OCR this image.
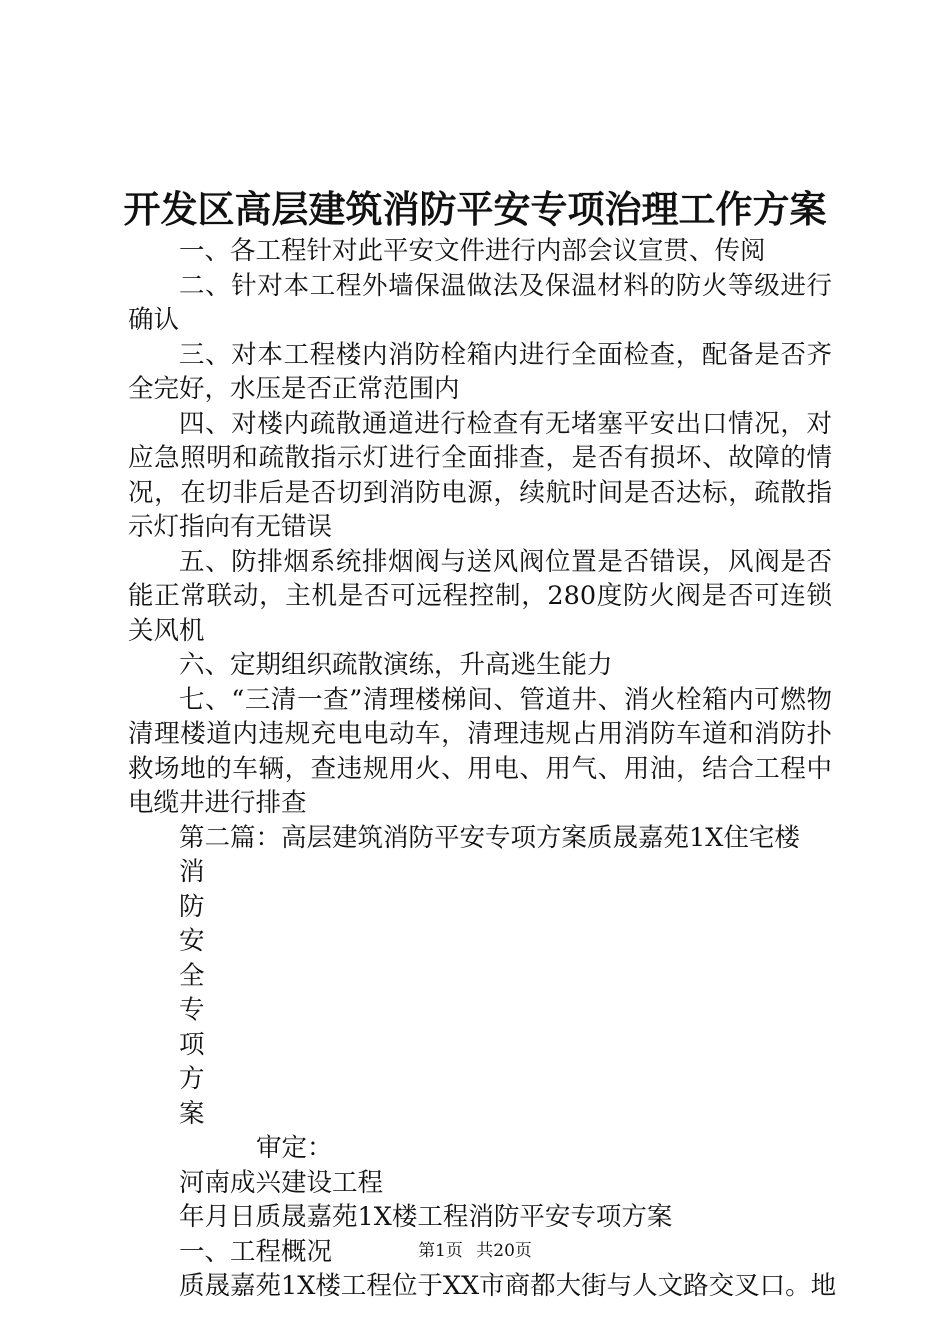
开发区高层建筑消防平安专项治理工作方案

一、各工程针对此平安文件进行内部会议宣贯、传阅

二、针对本工程外墙保温做法及保温材料的防火等级进行确认

三、对本工程楼内消防栓箱内进行全面检查，配备是否齐全完好，水压是否正常范围内

四、对楼内疏散通道进行检查有无堵塞平安出口情况，对应急照明和疏散指示灯进行全面排查，是否有损坏、故障的情况，在切非后是否切到消防电源，续航时间是否达标，疏散指示灯指向有无错误

五、防排烟系统排烟阀与送风阀位置是否错误，风阀是否能正常联动，主机是否可远程控制，280度防火阀是否可连锁关风机

六、定期组织疏散演练，升高逃生能力

七、“三清一查”清理楼梯间、管道井、消火栓箱内可燃物清理楼道内违规充电电动车，清理违规占用消防车道和消防扑救场地的车辆，查违规用火、用电、用气、用油，结合工程中电缆井进行排查

第二篇：高层建筑消防平安专项方案质晟嘉苑1X住宅楼

消

防

安

全

专

项

方

案

审定：

河南成兴建设工程

年月日质晟嘉苑1X楼工程消防平安专项方案

一、工程概况

质晟嘉苑1X楼工程位于XX市商都大街与人文路交叉口。地

第1页 共20页
